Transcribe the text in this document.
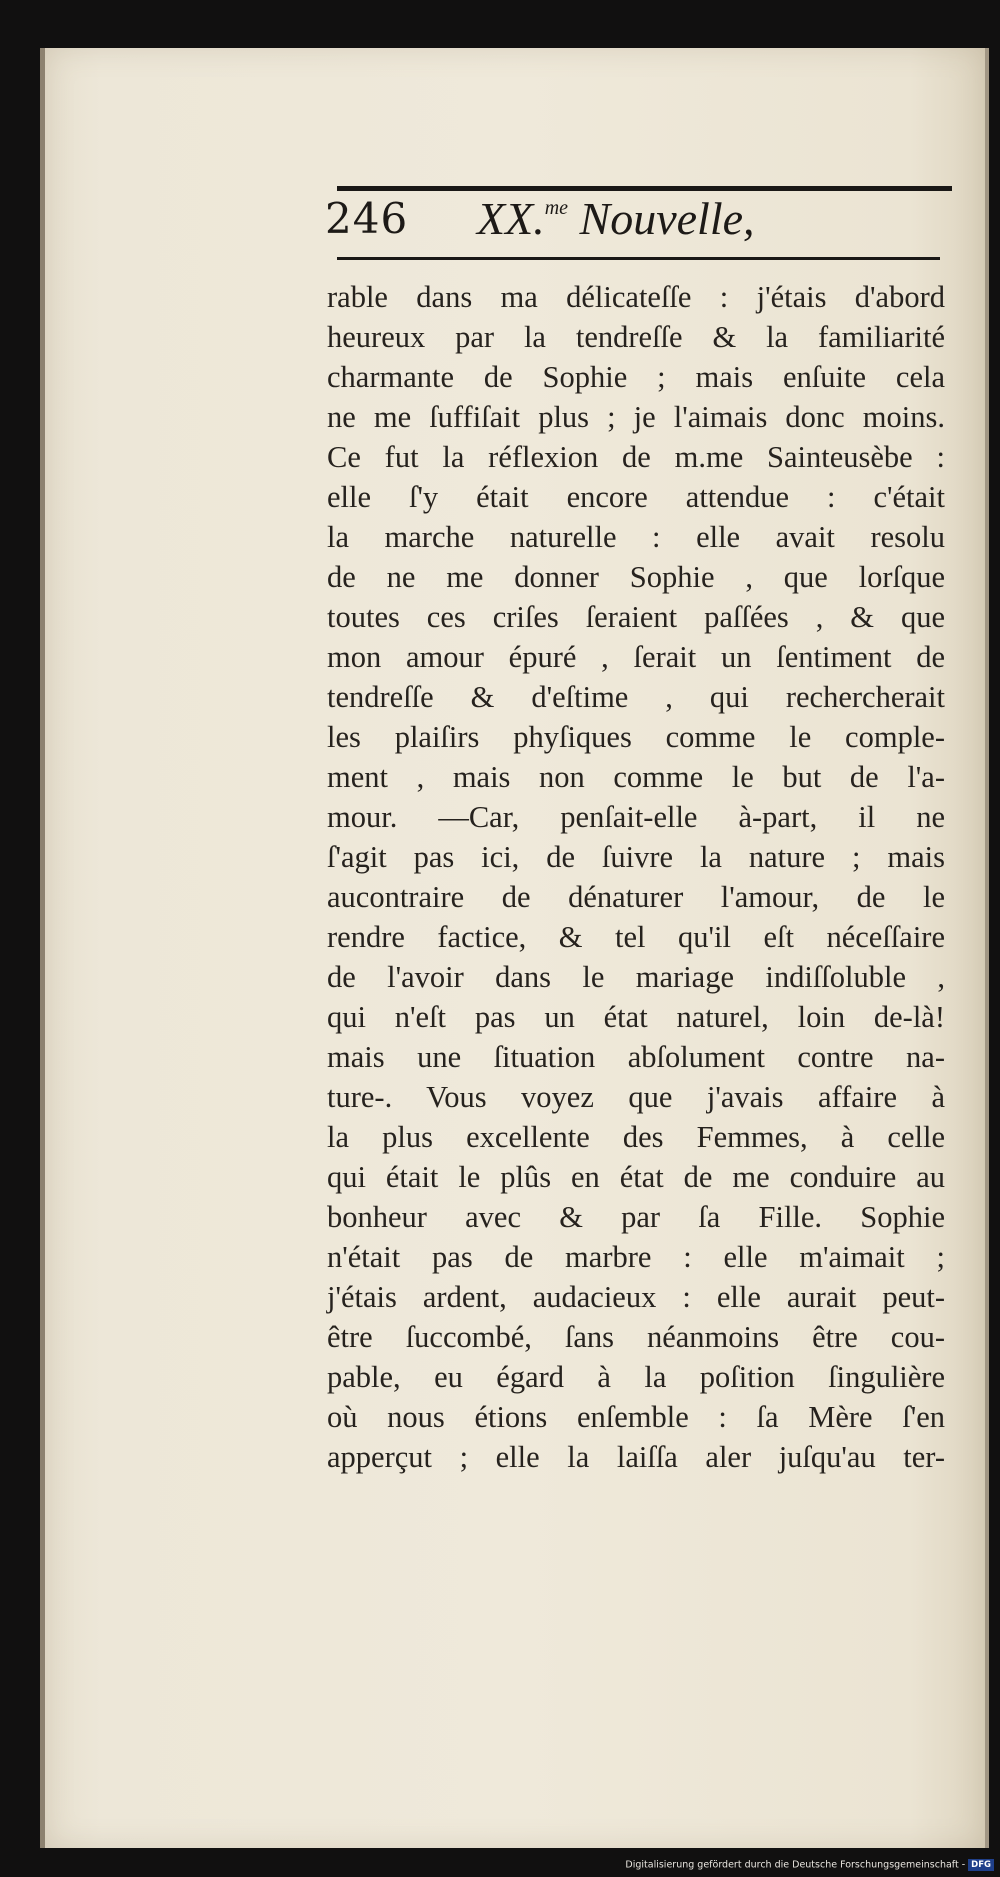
246 XX.$^{me}$ Nouvelle,
rable dans ma délicateſſe : j'étais d'abord
heureux par la tendreſſe & la familiarité
charmante de Sophie ; mais enſuite cela
ne me ſuffiſait plus ; je l'aimais donc moins.
Ce fut la réflexion de m.me Sainteusèbe :
elle ſ'y était encore attendue : c'était
la marche naturelle : elle avait resolu
de ne me donner Sophie , que lorſque
toutes ces criſes ſeraient paſſées , & que
mon amour épuré , ſerait un ſentiment de
tendreſſe & d'eſtime , qui rechercherait
les plaiſirs phyſiques comme le comple-
ment , mais non comme le but de l'a-
mour. —Car, penſait-elle à-part, il ne
ſ'agit pas ici, de ſuivre la nature ; mais
aucontraire de dénaturer l'amour, de le
rendre factice, & tel qu'il eſt néceſſaire
de l'avoir dans le mariage indiſſoluble ,
qui n'eſt pas un état naturel, loin de-là!
mais une ſituation abſolument contre na-
ture-. Vous voyez que j'avais affaire à
la plus excellente des Femmes, à celle
qui était le plûs en état de me conduire au
bonheur avec & par ſa Fille. Sophie
n'était pas de marbre : elle m'aimait ;
j'étais ardent, audacieux : elle aurait peut-
être ſuccombé, ſans néanmoins être cou-
pable, eu égard à la poſition ſingulière
où nous étions enſemble : ſa Mère ſ'en
apperçut ; elle la laiſſa aler juſqu'au ter-
Digitalisierung gefördert durch die Deutsche Forschungsgemeinschaft - DFG
